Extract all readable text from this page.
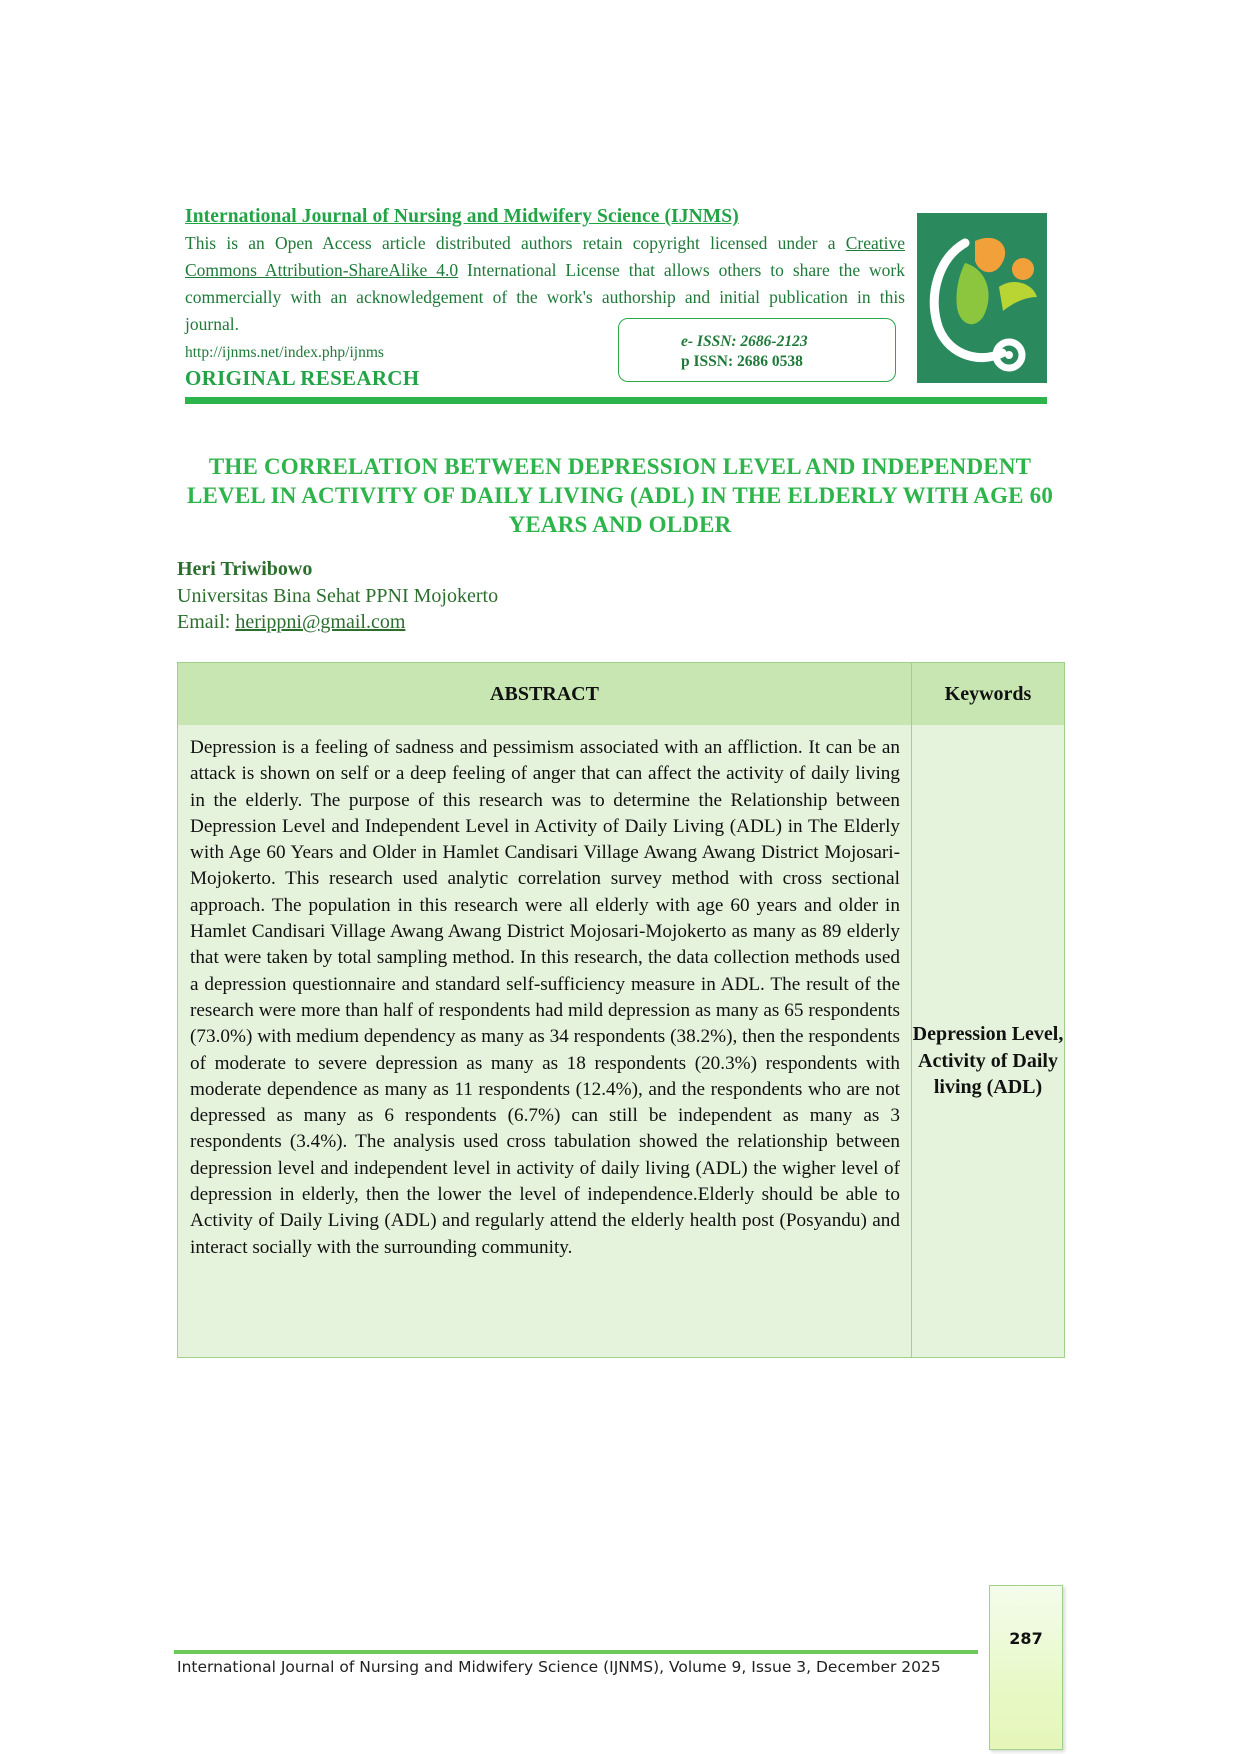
International Journal of Nursing and Midwifery Science (IJNMS)
This is an Open Access article distributed authors retain copyright licensed under a Creative Commons Attribution-ShareAlike 4.0 International License that allows others to share the work commercially with an acknowledgement of the work's authorship and initial publication in this journal.
http://ijnms.net/index.php/ijnms
ORIGINAL RESEARCH
e- ISSN: 2686-2123
p ISSN: 2686 0538
THE CORRELATION BETWEEN DEPRESSION LEVEL AND INDEPENDENT LEVEL IN ACTIVITY OF DAILY LIVING (ADL) IN THE ELDERLY WITH AGE 60 YEARS AND OLDER
Heri Triwibowo
Universitas Bina Sehat PPNI Mojokerto
Email: herippni@gmail.com
ABSTRACT	Keywords
Depression is a feeling of sadness and pessimism associated with an affliction. It can be an attack is shown on self or a deep feeling of anger that can affect the activity of daily living in the elderly. The purpose of this research was to determine the Relationship between Depression Level and Independent Level in Activity of Daily Living (ADL) in The Elderly with Age 60 Years and Older in Hamlet Candisari Village Awang Awang District Mojosari-Mojokerto. This research used analytic correlation survey method with cross sectional approach. The population in this research were all elderly with age 60 years and older in Hamlet Candisari Village Awang Awang District Mojosari-Mojokerto as many as 89 elderly that were taken by total sampling method. In this research, the data collection methods used a depression questionnaire and standard self-sufficiency measure in ADL. The result of the research were more than half of respondents had mild depression as many as 65 respondents (73.0%) with medium dependency as many as 34 respondents (38.2%), then the respondents of moderate to severe depression as many as 18 respondents (20.3%) respondents with moderate dependence as many as 11 respondents (12.4%), and the respondents who are not depressed as many as 6 respondents (6.7%) can still be independent as many as 3 respondents (3.4%). The analysis used cross tabulation showed the relationship between depression level and independent level in activity of daily living (ADL) the wigher level of depression in elderly, then the lower the level of independence.Elderly should be able to Activity of Daily Living (ADL) and regularly attend the elderly health post (Posyandu) and interact socially with the surrounding community.
Depression Level, Activity of Daily living (ADL)
International Journal of Nursing and Midwifery Science (IJNMS), Volume 9, Issue 3, December 2025
287
